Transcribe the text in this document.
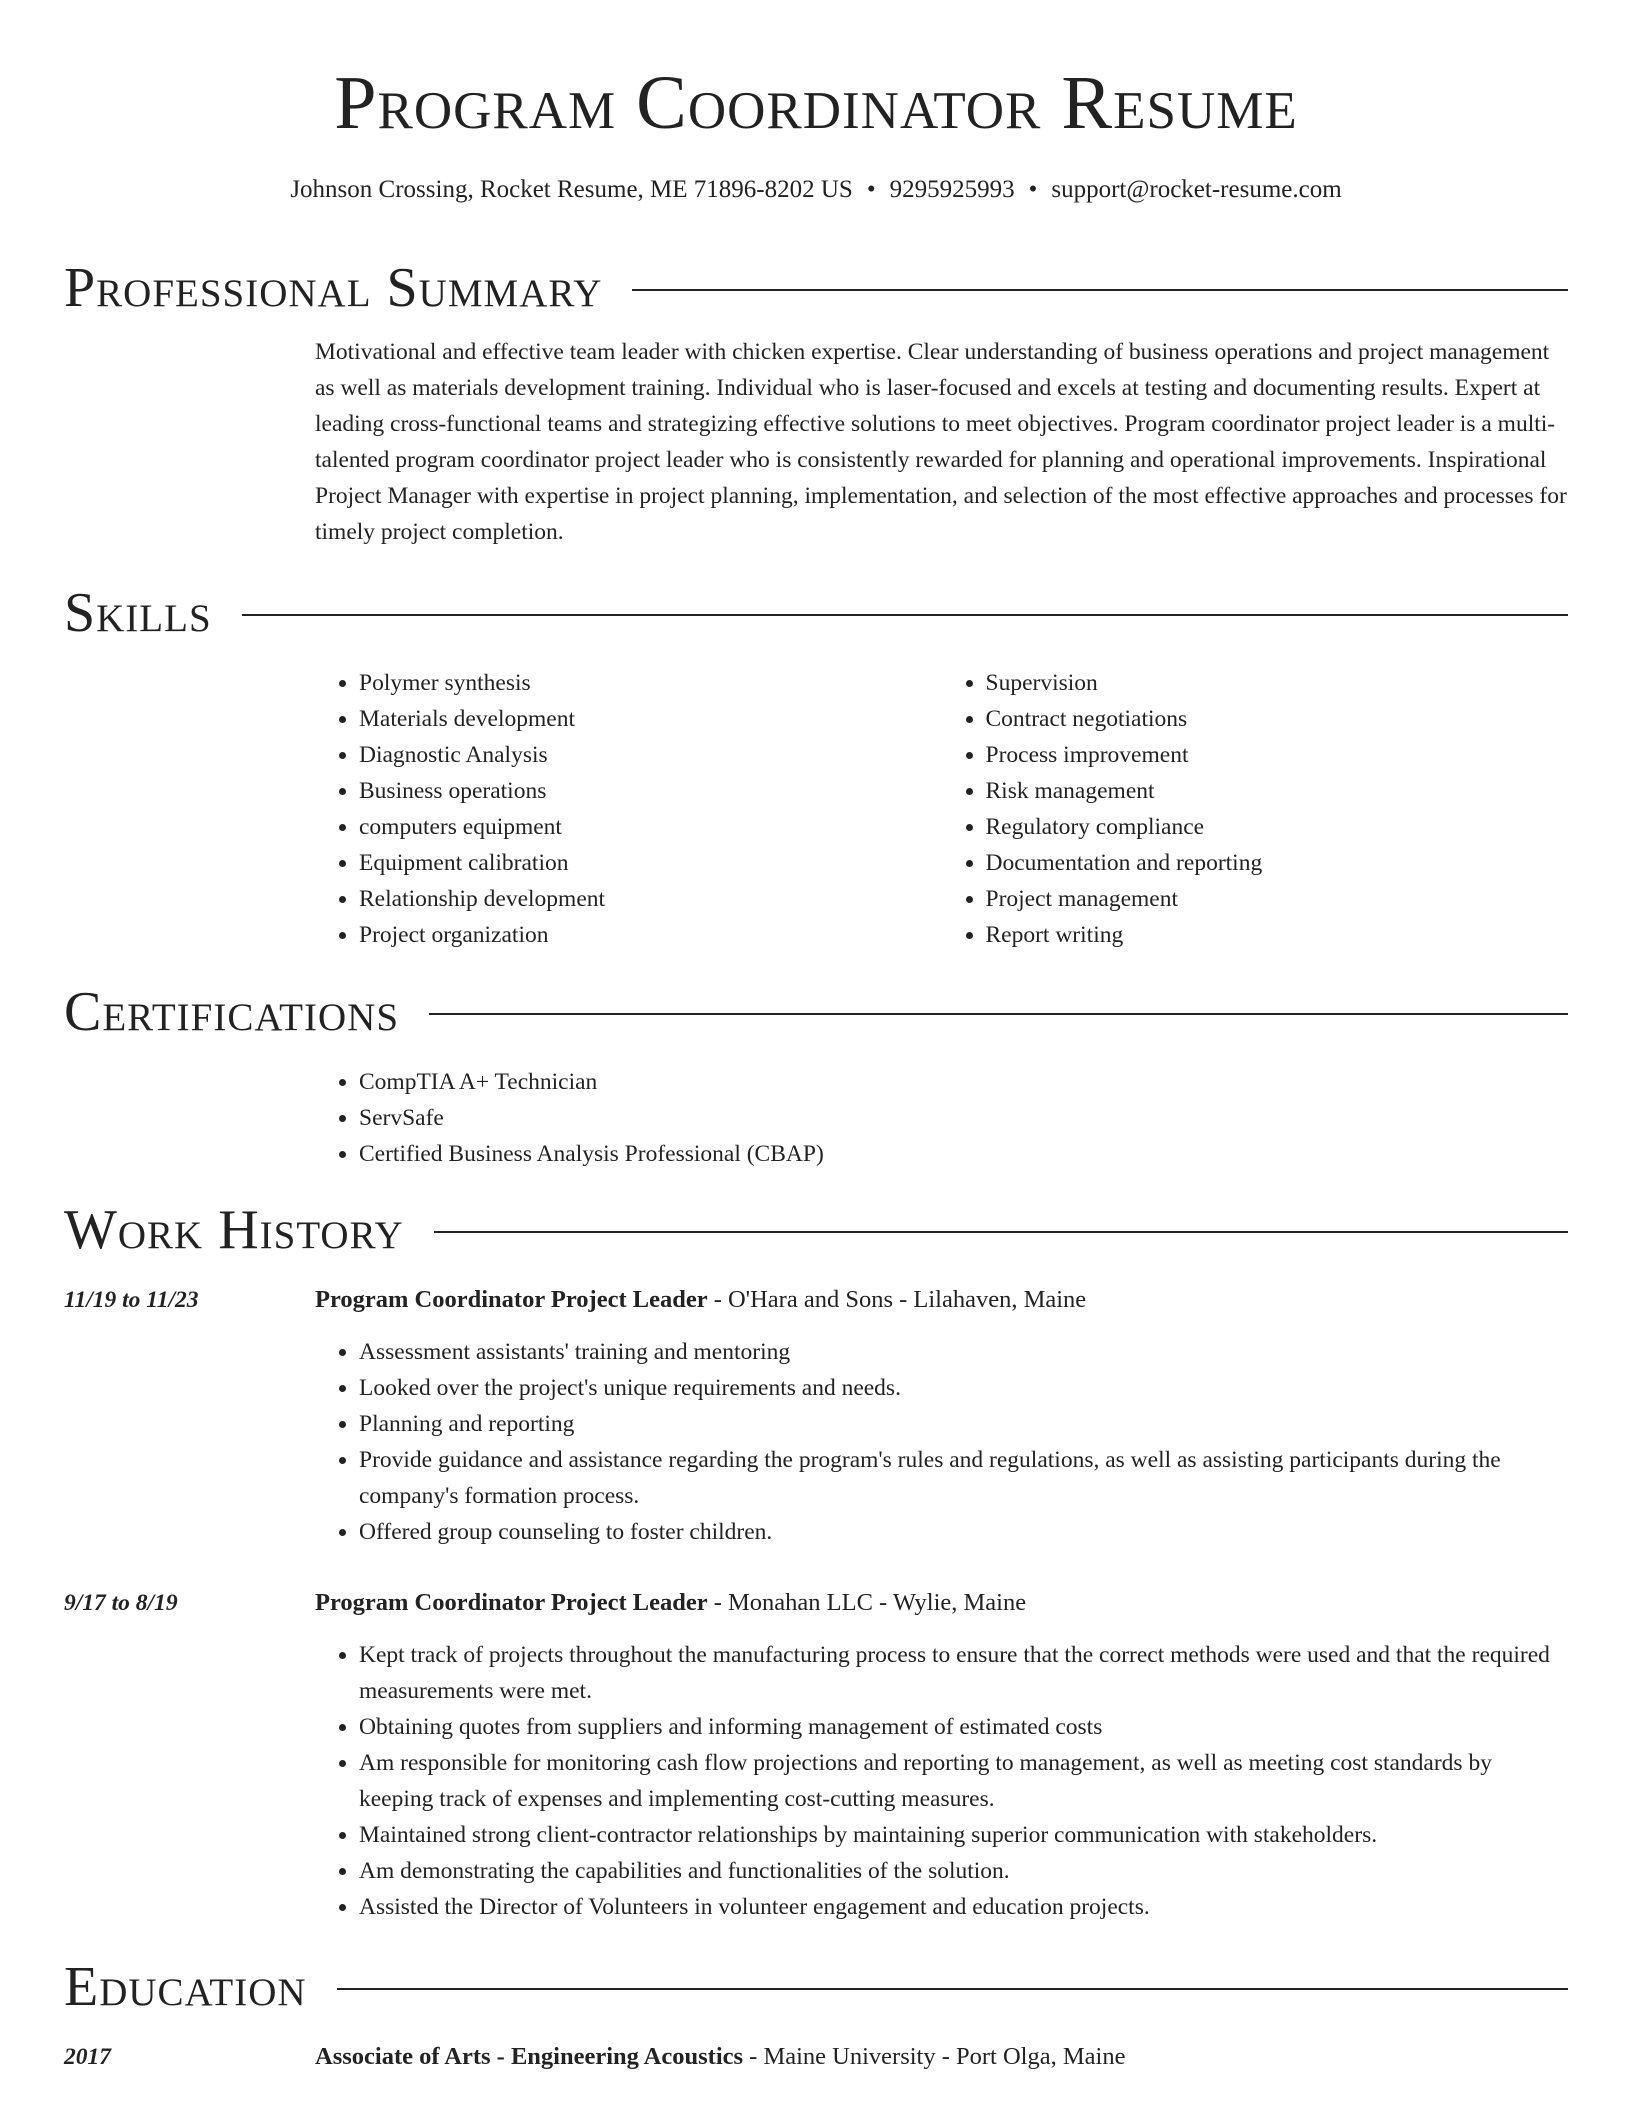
Program Coordinator Resume
Johnson Crossing, Rocket Resume, ME 71896-8202 US • 9295925993 • support@rocket-resume.com
Professional Summary
Motivational and effective team leader with chicken expertise. Clear understanding of business operations and project management as well as materials development training. Individual who is laser-focused and excels at testing and documenting results. Expert at leading cross-functional teams and strategizing effective solutions to meet objectives. Program coordinator project leader is a multi-talented program coordinator project leader who is consistently rewarded for planning and operational improvements. Inspirational Project Manager with expertise in project planning, implementation, and selection of the most effective approaches and processes for timely project completion.
Skills
• Polymer synthesis
• Materials development
• Diagnostic Analysis
• Business operations
• computers equipment
• Equipment calibration
• Relationship development
• Project organization
• Supervision
• Contract negotiations
• Process improvement
• Risk management
• Regulatory compliance
• Documentation and reporting
• Project management
• Report writing
Certifications
• CompTIA A+ Technician
• ServSafe
• Certified Business Analysis Professional (CBAP)
Work History
11/19 to 11/23	Program Coordinator Project Leader - O'Hara and Sons - Lilahaven, Maine
• Assessment assistants' training and mentoring
• Looked over the project's unique requirements and needs.
• Planning and reporting
• Provide guidance and assistance regarding the program's rules and regulations, as well as assisting participants during the company's formation process.
• Offered group counseling to foster children.
9/17 to 8/19	Program Coordinator Project Leader - Monahan LLC - Wylie, Maine
• Kept track of projects throughout the manufacturing process to ensure that the correct methods were used and that the required measurements were met.
• Obtaining quotes from suppliers and informing management of estimated costs
• Am responsible for monitoring cash flow projections and reporting to management, as well as meeting cost standards by keeping track of expenses and implementing cost-cutting measures.
• Maintained strong client-contractor relationships by maintaining superior communication with stakeholders.
• Am demonstrating the capabilities and functionalities of the solution.
• Assisted the Director of Volunteers in volunteer engagement and education projects.
Education
2017	Associate of Arts - Engineering Acoustics - Maine University - Port Olga, Maine
